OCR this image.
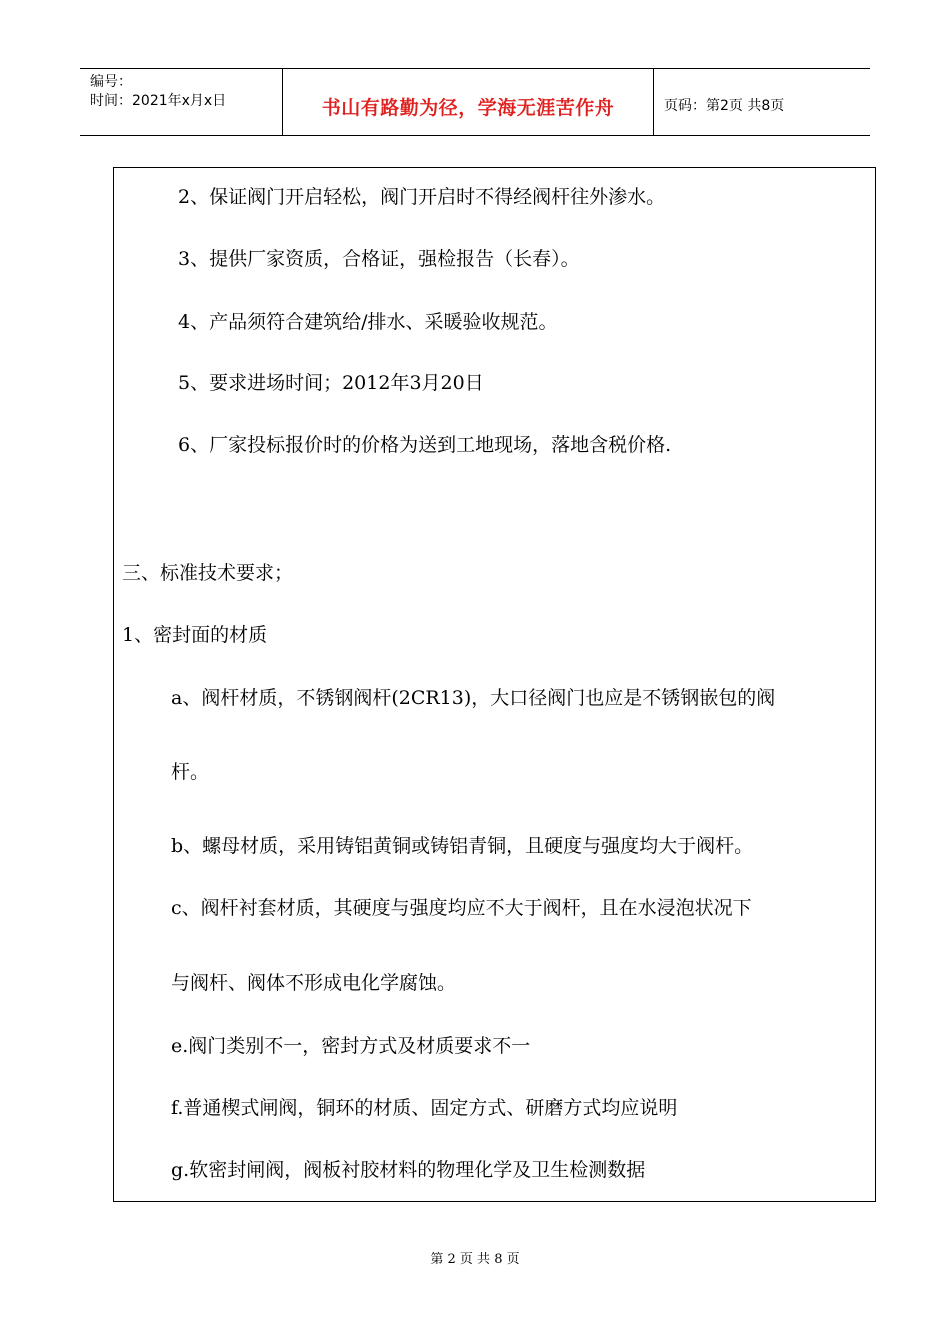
编号：
时间：2021年x月x日	书山有路勤为径，学海无涯苦作舟	页码：第2页 共8页
2、保证阀门开启轻松，阀门开启时不得经阀杆往外渗水。
3、提供厂家资质，合格证，强检报告（长春）。
4、产品须符合建筑给/排水、采暖验收规范。
5、要求进场时间；2012年3月20日
6、厂家投标报价时的价格为送到工地现场，落地含税价格.
三、标准技术要求；
1、密封面的材质
a、阀杆材质，不锈钢阀杆(2CR13)，大口径阀门也应是不锈钢嵌包的阀
杆。
b、螺母材质，采用铸铝黄铜或铸铝青铜，且硬度与强度均大于阀杆。
c、阀杆衬套材质，其硬度与强度均应不大于阀杆，且在水浸泡状况下
与阀杆、阀体不形成电化学腐蚀。
e.阀门类别不一，密封方式及材质要求不一
f.普通楔式闸阀，铜环的材质、固定方式、研磨方式均应说明
g.软密封闸阀，阀板衬胶材料的物理化学及卫生检测数据
第 2 页 共 8 页
